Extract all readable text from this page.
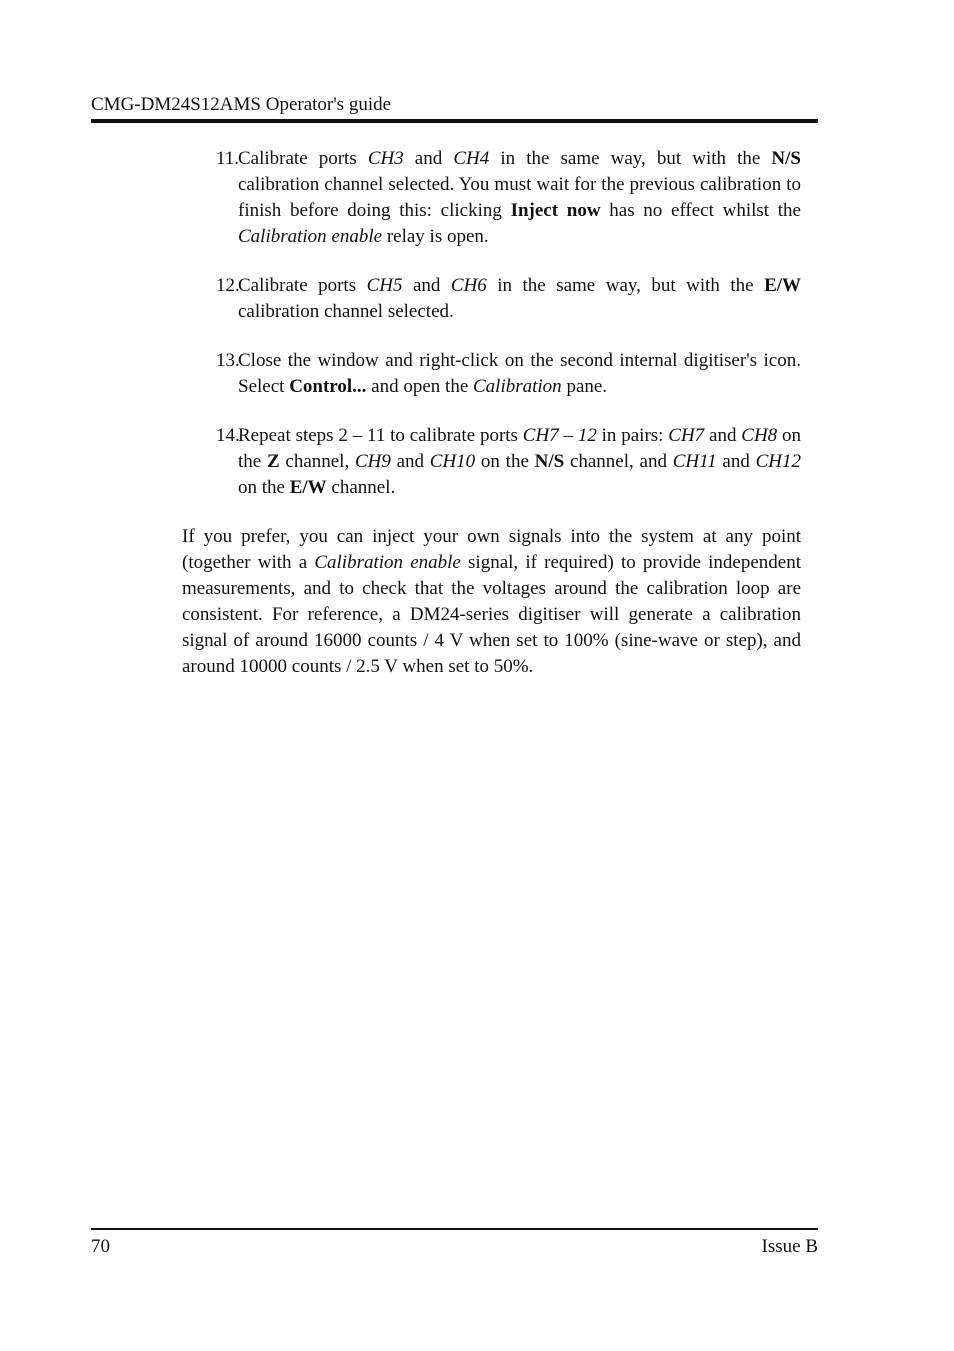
CMG-DM24S12AMS Operator's guide
11.
Calibrate ports CH3 and CH4 in the same way, but with the N/S calibration channel selected. You must wait for the previous calibration to finish before doing this: clicking Inject now has no effect whilst the Calibration enable relay is open.
12.
Calibrate ports CH5 and CH6 in the same way, but with the E/W calibration channel selected.
13.
Close the window and right-click on the second internal digitiser's icon. Select Control... and open the Calibration pane.
14.
Repeat steps 2 – 11 to calibrate ports CH7 – 12 in pairs: CH7 and CH8 on the Z channel, CH9 and CH10 on the N/S channel, and CH11 and CH12 on the E/W channel.

If you prefer, you can inject your own signals into the system at any point (together with a Calibration enable signal, if required) to provide independent measurements, and to check that the voltages around the calibration loop are consistent. For reference, a DM24-series digitiser will generate a calibration signal of around 16000 counts / 4 V when set to 100% (sine-wave or step), and around 10000 counts / 2.5 V when set to 50%.

70	Issue B
